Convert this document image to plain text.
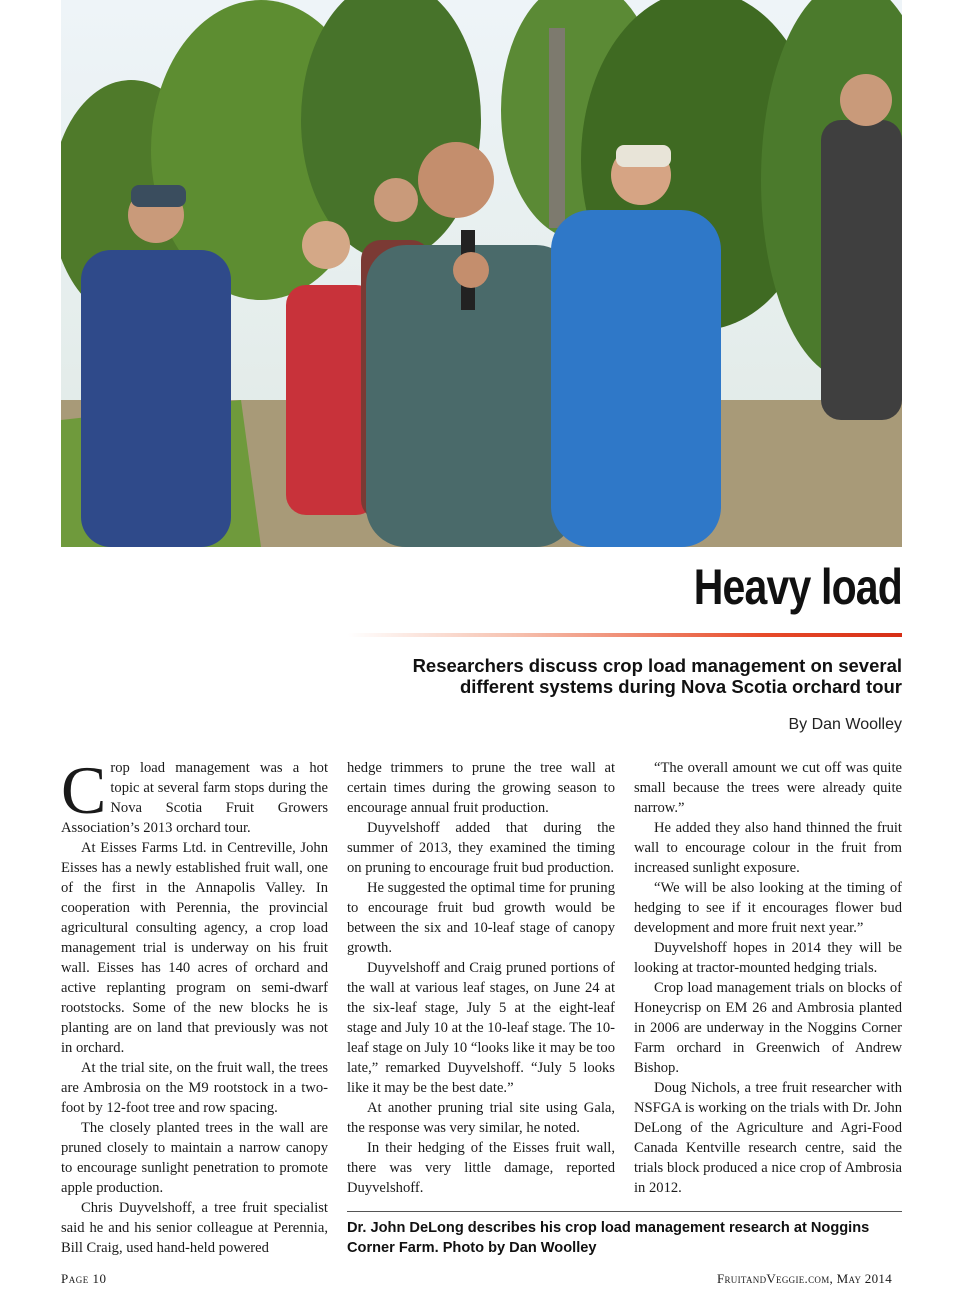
Heavy load
Researchers discuss crop load management on several different systems during Nova Scotia orchard tour
By Dan Woolley

Crop load management was a hot topic at several farm stops during the Nova Scotia Fruit Growers Association’s 2013 orchard tour.

At Eisses Farms Ltd. in Centreville, John Eisses has a newly established fruit wall, one of the first in the Annapolis Valley. In cooperation with Perennia, the provincial agricultural consulting agency, a crop load management trial is underway on his fruit wall. Eisses has 140 acres of orchard and active replanting program on semi-dwarf rootstocks. Some of the new blocks he is planting are on land that previously was not in orchard.

At the trial site, on the fruit wall, the trees are Ambrosia on the M9 rootstock in a two-foot by 12-foot tree and row spacing.

The closely planted trees in the wall are pruned closely to maintain a narrow canopy to encourage sunlight penetration to promote apple production.

Chris Duyvelshoff, a tree fruit specialist said he and his senior colleague at Perennia, Bill Craig, used hand-held powered

hedge trimmers to prune the tree wall at certain times during the growing season to encourage annual fruit production.

Duyvelshoff added that during the summer of 2013, they examined the timing on pruning to encourage fruit bud production.

He suggested the optimal time for pruning to encourage fruit bud growth would be between the six and 10-leaf stage of canopy growth.

Duyvelshoff and Craig pruned portions of the wall at various leaf stages, on June 24 at the six-leaf stage, July 5 at the eight-leaf stage and July 10 at the 10-leaf stage. The 10-leaf stage on July 10 “looks like it may be too late,” remarked Duyvelshoff. “July 5 looks like it may be the best date.”

At another pruning trial site using Gala, the response was very similar, he noted.

In their hedging of the Eisses fruit wall, there was very little damage, reported Duyvelshoff.

“The overall amount we cut off was quite small because the trees were already quite narrow.”

He added they also hand thinned the fruit wall to encourage colour in the fruit from increased sunlight exposure.

“We will be also looking at the timing of hedging to see if it encourages flower bud development and more fruit next year.”

Duyvelshoff hopes in 2014 they will be looking at tractor-mounted hedging trials.

Crop load management trials on blocks of Honeycrisp on EM 26 and Ambrosia planted in 2006 are underway in the Noggins Corner Farm orchard in Greenwich of Andrew Bishop.

Doug Nichols, a tree fruit researcher with NSFGA is working on the trials with Dr. John DeLong of the Agriculture and Agri-Food Canada Kentville research centre, said the trials block produced a nice crop of Ambrosia in 2012.

Dr. John DeLong describes his crop load management research at Noggins Corner Farm. Photo by Dan Woolley
Page 10	FruitandVeggie.com, May 2014
